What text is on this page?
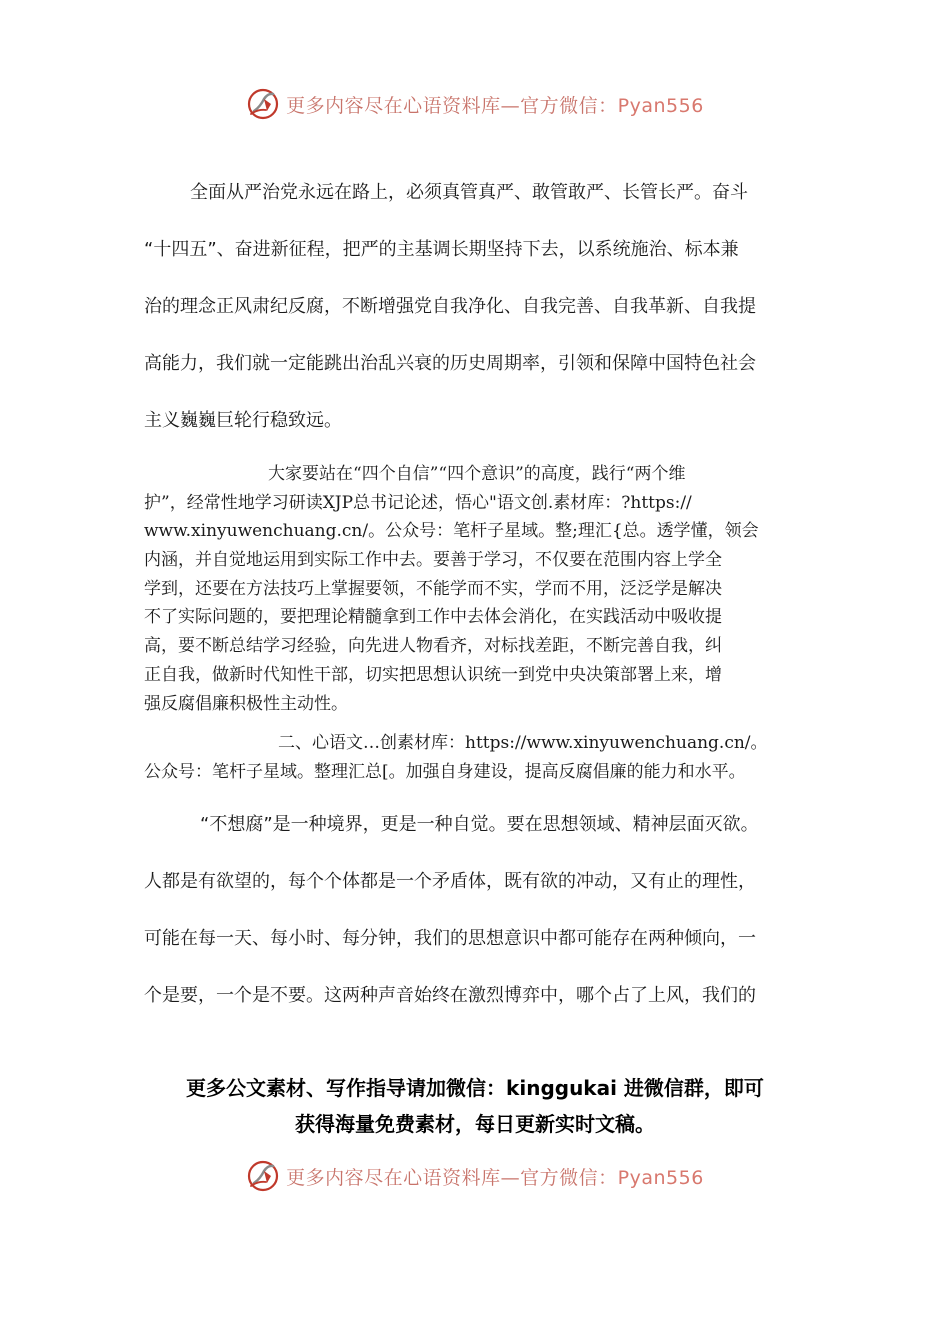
更多内容尽在心语资料库—官方微信：Pyan556
全面从严治党永远在路上，必须真管真严、敢管敢严、长管长严。奋斗
“十四五”、奋进新征程，把严的主基调长期坚持下去，以系统施治、标本兼
治的理念正风肃纪反腐，不断增强党自我净化、自我完善、自我革新、自我提
高能力，我们就一定能跳出治乱兴衰的历史周期率，引领和保障中国特色社会
主义巍巍巨轮行稳致远。
大家要站在“四个自信”“四个意识”的高度，践行“两个维
护”，经常性地学习研读XJP总书记论述，悟心"语文创.素材库：?https://
www.xinyuwenchuang.cn/。公众号：笔杆子星域。整;理汇{总。透学懂，领会
内涵，并自觉地运用到实际工作中去。要善于学习，不仅要在范围内容上学全
学到，还要在方法技巧上掌握要领，不能学而不实，学而不用，泛泛学是解决
不了实际问题的，要把理论精髓拿到工作中去体会消化，在实践活动中吸收提
高，要不断总结学习经验，向先进人物看齐，对标找差距，不断完善自我，纠
正自我，做新时代知性干部，切实把思想认识统一到党中央决策部署上来，增
强反腐倡廉积极性主动性。
二、心语文…创素材库：https://www.xinyuwenchuang.cn/。
公众号：笔杆子星域。整理汇总[。加强自身建设，提高反腐倡廉的能力和水平。
“不想腐”是一种境界，更是一种自觉。要在思想领域、精神层面灭欲。
人都是有欲望的，每个个体都是一个矛盾体，既有欲的冲动，又有止的理性，
可能在每一天、每小时、每分钟，我们的思想意识中都可能存在两种倾向，一
个是要，一个是不要。这两种声音始终在激烈博弈中，哪个占了上风，我们的
更多公文素材、写作指导请加微信：kinggukai 进微信群，即可
获得海量免费素材，每日更新实时文稿。
更多内容尽在心语资料库—官方微信：Pyan556
